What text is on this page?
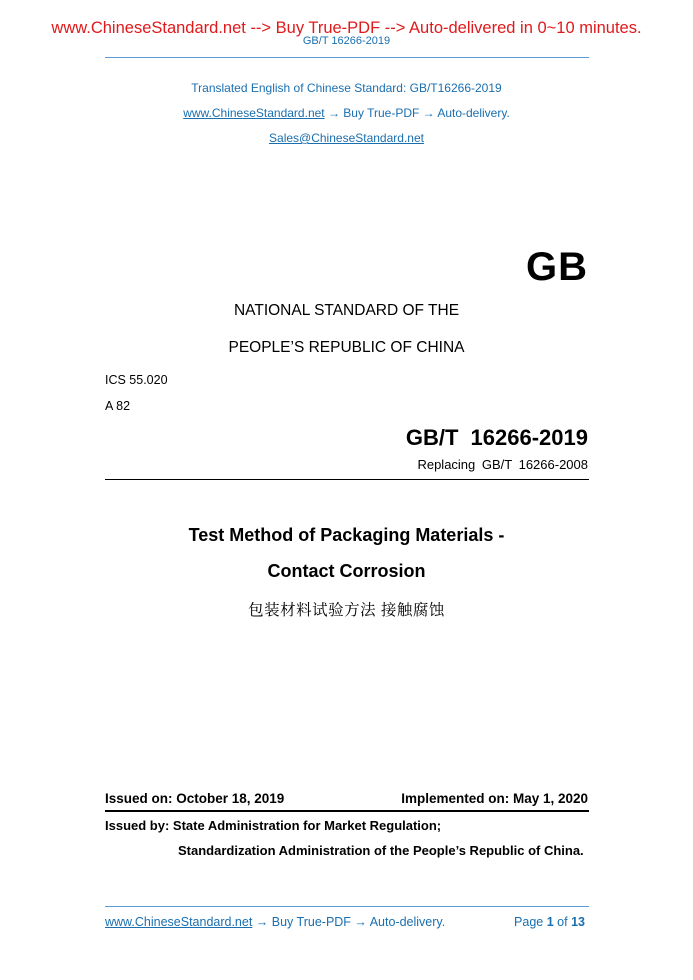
www.ChineseStandard.net --> Buy True-PDF --> Auto-delivered in 0~10 minutes.
GB/T 16266-2019
Translated English of Chinese Standard: GB/T16266-2019
www.ChineseStandard.net → Buy True-PDF → Auto-delivery.
Sales@ChineseStandard.net
GB
NATIONAL STANDARD OF THE
PEOPLE’S REPUBLIC OF CHINA
ICS 55.020
A 82
GB/T 16266-2019
Replacing GB/T 16266-2008
Test Method of Packaging Materials -
Contact Corrosion
包装材料试验方法 接触腐蚀
Issued on: October 18, 2019	Implemented on: May 1, 2020
Issued by: State Administration for Market Regulation;
Standardization Administration of the People’s Republic of China.
www.ChineseStandard.net → Buy True-PDF → Auto-delivery.	Page 1 of 13
